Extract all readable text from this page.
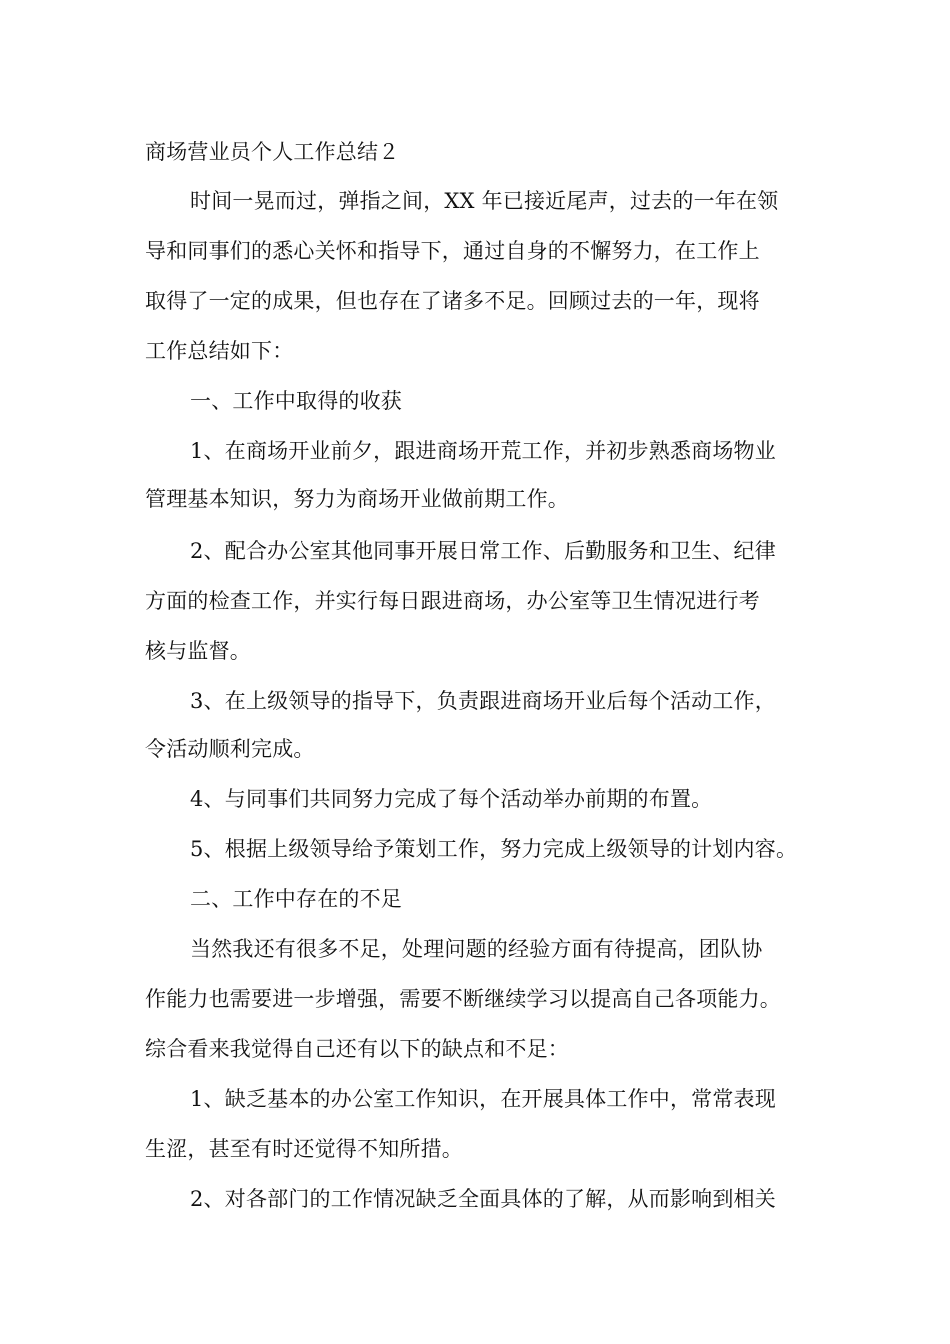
商场营业员个人工作总结２
时间一晃而过，弹指之间，XX 年已接近尾声，过去的一年在领
导和同事们的悉心关怀和指导下，通过自身的不懈努力，在工作上
取得了一定的成果，但也存在了诸多不足。回顾过去的一年，现将
工作总结如下：
一、工作中取得的收获
1、在商场开业前夕，跟进商场开荒工作，并初步熟悉商场物业
管理基本知识，努力为商场开业做前期工作。
2、配合办公室其他同事开展日常工作、后勤服务和卫生、纪律
方面的检查工作，并实行每日跟进商场，办公室等卫生情况进行考
核与监督。
3、在上级领导的指导下，负责跟进商场开业后每个活动工作，
令活动顺利完成。
4、与同事们共同努力完成了每个活动举办前期的布置。
5、根据上级领导给予策划工作，努力完成上级领导的计划内容。
二、工作中存在的不足
当然我还有很多不足，处理问题的经验方面有待提高，团队协
作能力也需要进一步增强，需要不断继续学习以提高自己各项能力。
综合看来我觉得自己还有以下的缺点和不足：
1、缺乏基本的办公室工作知识，在开展具体工作中，常常表现
生涩，甚至有时还觉得不知所措。
2、对各部门的工作情况缺乏全面具体的了解，从而影响到相关
